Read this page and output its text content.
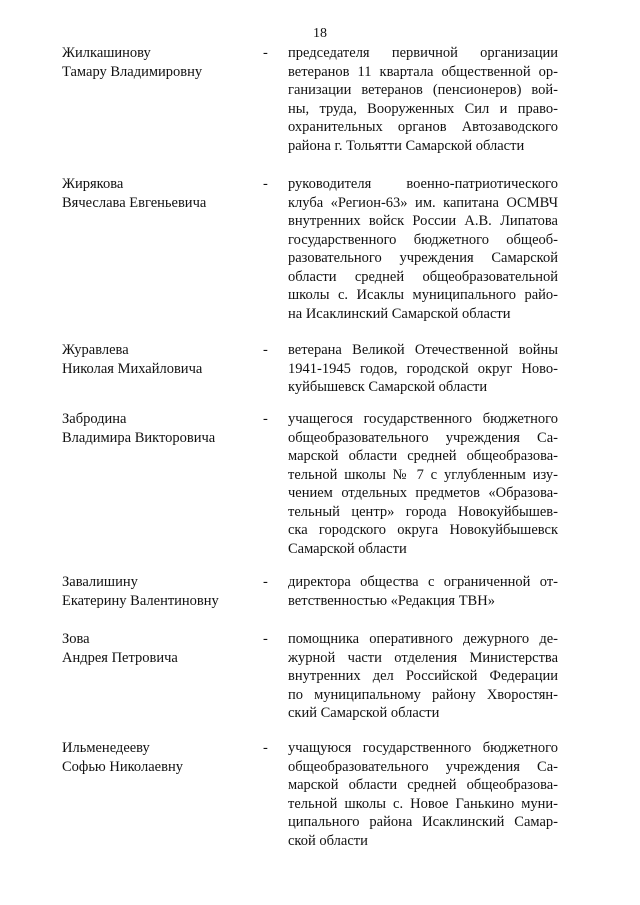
18
Жилкашинову
Тамару Владимировну
- председателя первичной организации
ветеранов 11 квартала общественной ор-
ганизации ветеранов (пенсионеров) вой-
ны, труда, Вооруженных Сил и право-
охранительных органов Автозаводского
района г. Тольятти Самарской области
Жирякова
Вячеслава Евгеньевича
- руководителя военно-патриотического
клуба «Регион-63» им. капитана ОСМВЧ
внутренних войск России А.В. Липатова
государственного бюджетного общеоб-
разовательного учреждения Самарской
области средней общеобразовательной
школы с. Исаклы муниципального райо-
на Исаклинский Самарской области
Журавлева
Николая Михайловича
- ветерана Великой Отечественной войны
1941-1945 годов, городской округ Ново-
куйбышевск Самарской области
Забродина
Владимира Викторовича
- учащегося государственного бюджетного
общеобразовательного учреждения Са-
марской области средней общеобразова-
тельной школы № 7 с углубленным изу-
чением отдельных предметов «Образова-
тельный центр» города Новокуйбышев-
ска городского округа Новокуйбышевск
Самарской области
Завалишину
Екатерину Валентиновну
- директора общества с ограниченной от-
ветственностью «Редакция ТВН»
Зова
Андрея Петровича
- помощника оперативного дежурного де-
журной части отделения Министерства
внутренних дел Российской Федерации
по муниципальному району Хворостян-
ский Самарской области
Ильменедееву
Софью Николаевну
- учащуюся государственного бюджетного
общеобразовательного учреждения Са-
марской области средней общеобразова-
тельной школы с. Новое Ганькино муни-
ципального района Исаклинский Самар-
ской области
